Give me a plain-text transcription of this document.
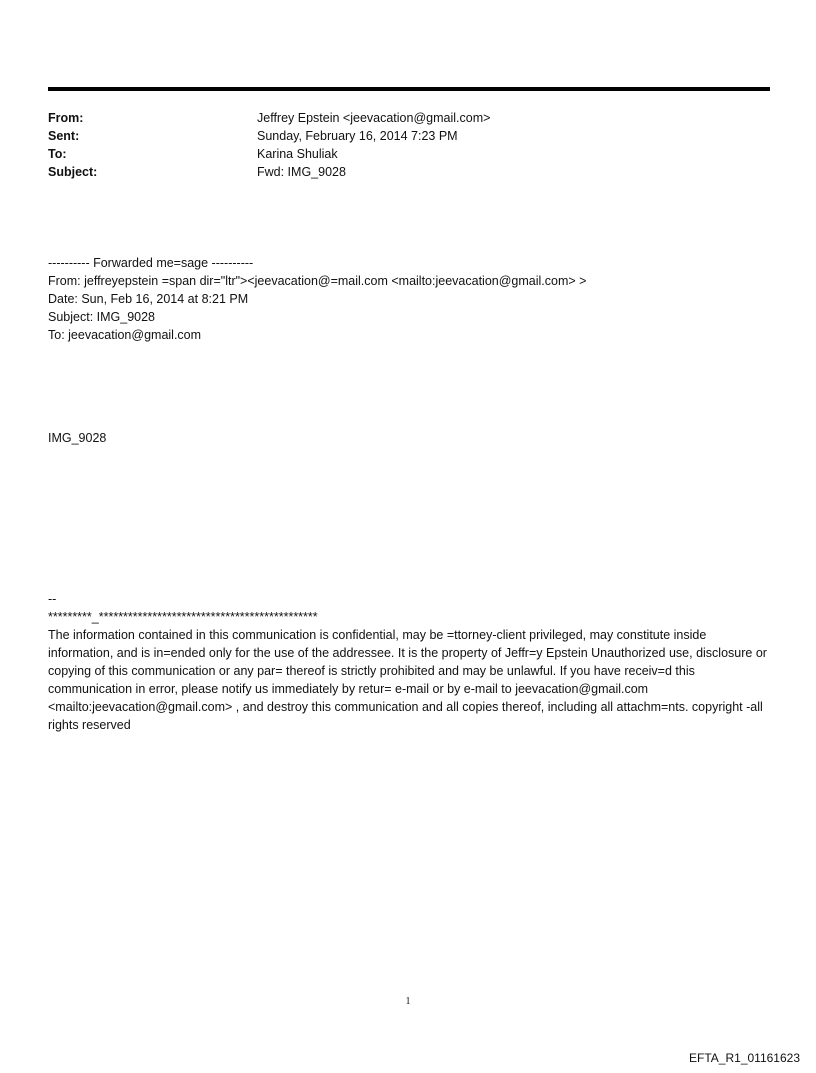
From:	Jeffrey Epstein <jeevacation@gmail.com>
Sent:	Sunday, February 16, 2014 7:23 PM
To:	Karina Shuliak
Subject:	Fwd: IMG_9028
---------- Forwarded me=sage ----------
From: jeffreyepstein =span dir="ltr"><jeevacation@=mail.com <mailto:jeevacation@gmail.com> >
Date: Sun, Feb 16, 2014 at 8:21 PM
Subject: IMG_9028
To: jeevacation@gmail.com
IMG_9028
--
*********_*********************************************
The information contained in this communication is confidential, may be =ttorney-client privileged, may constitute inside information, and is in=ended only for the use of the addressee. It is the property of Jeffr=y Epstein Unauthorized use, disclosure or copying of this communication or any par= thereof is strictly prohibited and may be unlawful. If you have receiv=d this communication in error, please notify us immediately by retur= e-mail or by e-mail to jeevacation@gmail.com <mailto:jeevacation@gmail.com> , and destroy this communication and all copies thereof, including all attachm=nts. copyright -all rights reserved
1
EFTA_R1_01161623
